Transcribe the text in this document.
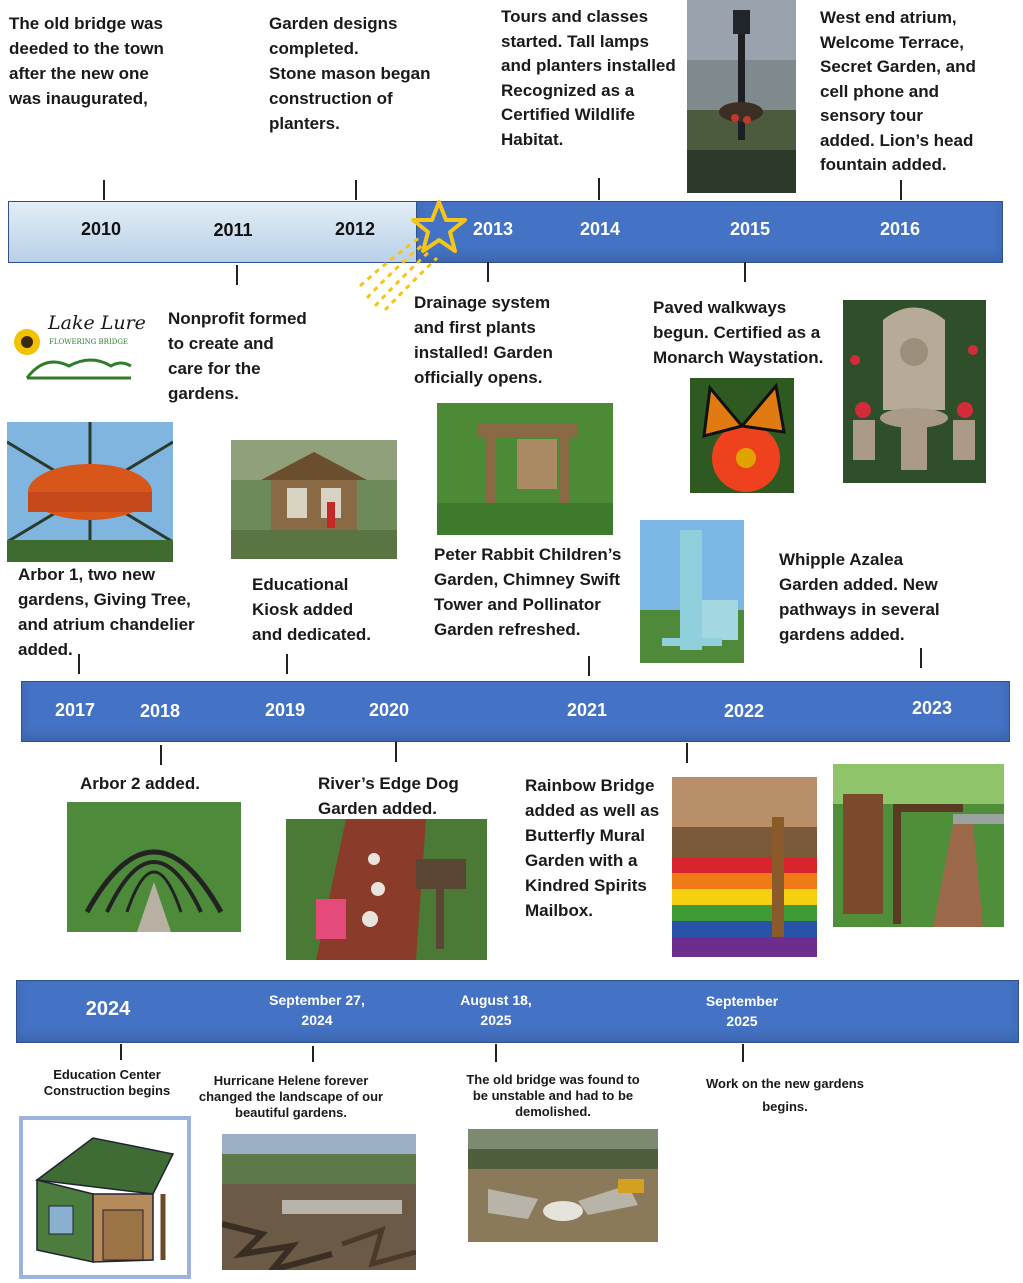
The old bridge was
deeded to the town
after the new one
was inaugurated,
Garden designs
completed.
Stone mason began
construction of
planters.
Tours and classes
started. Tall lamps
and planters installed
Recognized as a
Certified Wildlife
Habitat.
West end atrium,
Welcome Terrace,
Secret Garden, and
cell phone and
sensory tour
added. Lion’s head
fountain added.
2010	2011	2012	2013	2014	2015	2016
Lake Lure
FLOWERING BRIDGE
Nonprofit formed
to create and
care for the
gardens.
Drainage system
and first plants
installed! Garden
officially opens.
Paved walkways
begun. Certified as a
Monarch Waystation.
Arbor 1, two new
gardens, Giving Tree,
and atrium chandelier
added.
Educational
Kiosk added
and dedicated.
Peter Rabbit Children’s
Garden, Chimney Swift
Tower and Pollinator
Garden refreshed.
Whipple Azalea
Garden added. New
pathways in several
gardens added.
2017 2018	2019	2020	2021	2022	2023
Arbor 2 added.	River’s Edge Dog
Garden added.
Rainbow Bridge
added as well as
Butterfly Mural
Garden with a
Kindred Spirits
Mailbox.
2024	September 27,
2024
August 18,
2025
September
2025
Education Center
Construction begins
Hurricane Helene forever
changed the landscape of our
beautiful gardens.
The old bridge was found to
be unstable and had to be
demolished.
Work on the new gardens
begins.
